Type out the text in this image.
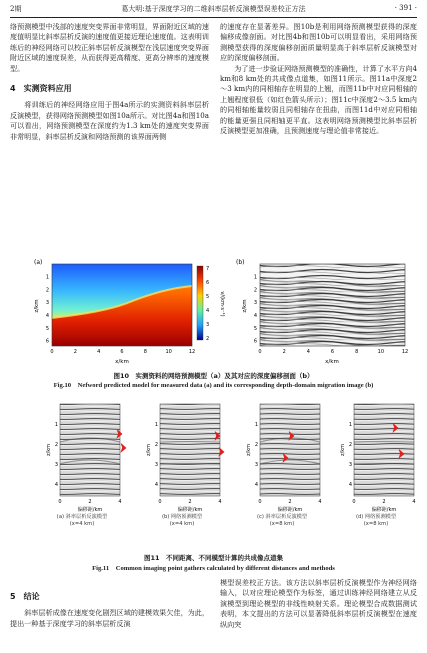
2期	葛大明:基于深度学习的二维斜率层析反演模型误差校正方法	· 391 ·

络预测模型中浅部的速度突变界面非常明显，界面附近区域的速度值明显比斜率层析反演的速度值更接近理论速度值。这表明训练后的神经网络可以校正斜率层析反演模型在浅层速度突变界面附近区域的速度误差，从而获得更高精度、更高分辨率的速度模型。

4　实测资料应用

将训练后的神经网络应用于图4a所示的实测资料斜率层析反演模型，获得网络预测模型如图10a所示。对比图4a和图10a可以看出，网络预测模型在深度约为1.3 km处的速度突变界面非常明显，斜率层析反演和网络预测的该界面两侧

的速度存在显著差异。图10b是利用网络预测模型获得的深度偏移成像剖面。对比图4b和图10b可以明显看出，采用网络预测模型获得的深度偏移剖面质量明显高于斜率层析反演模型对应的深度偏移剖面。

为了进一步验证网络预测模型的准确性，计算了水平方向4 km和8 km处的共成像点道集，如图11所示。图11a中深度2～3 km内的同相轴存在明显的上翘，而图11b中对应同相轴的上翘程度很低（如红色箭头所示）；图11c中深度2～3.5 km内的同相轴能量较弱且同相轴存在扭曲，而图11d中对应同相轴的能量更强且同相轴更平直。这表明网络预测模型比斜率层析反演模型更加准确，且预测速度与理论值非常接近。

(a)
7
6
5
4
3
2
v/(km·s⁻¹)
z/km
1
2
3
4
5
6
0	2	4	6	8	10	12
x/km
(b)
z/km
1
2
3
4
5
6
0	2	4	6	8	10	12
x/km
图10　实测资料的网络预测模型（a）及其对应的深度偏移剖面（b）
Fig.10　Nefword predicted model for measured data (a) and its corresponding depth-domain migration image (b)
z/km
1
2
3
4
0	2	4
偏移距/km
z/km
1
2
3
4
0	2	4
偏移距/km
z/km
1
2
3
4
0	2	4
偏移距/km
z/km
1
2
3
4
0	2	4
偏移距/km
(a) 斜率层析反演模型
(x=4 km)
(b) 网络预测模型
(x=4 km)
(c) 斜率层析反演模型
(x=8 km)
(d) 网络预测模型
(x=8 km)
图11　不同距离、不同模型计算的共成像点道集
Fig.11　Common imaging point gathers calculated by different distances and methods
5　结论

斜率层析成像在速度变化剧烈区域的建模效果欠佳，为此，提出一种基于深度学习的斜率层析反演

模型误差校正方法。该方法以斜率层析反演模型作为神经网络输入，以对应理论模型作为标签，通过训练神经网络建立从反演模型到理论模型的非线性映射关系。理论模型合成数据测试表明，本文提出的方法可以显著降低斜率层析反演模型在速度纵向突
